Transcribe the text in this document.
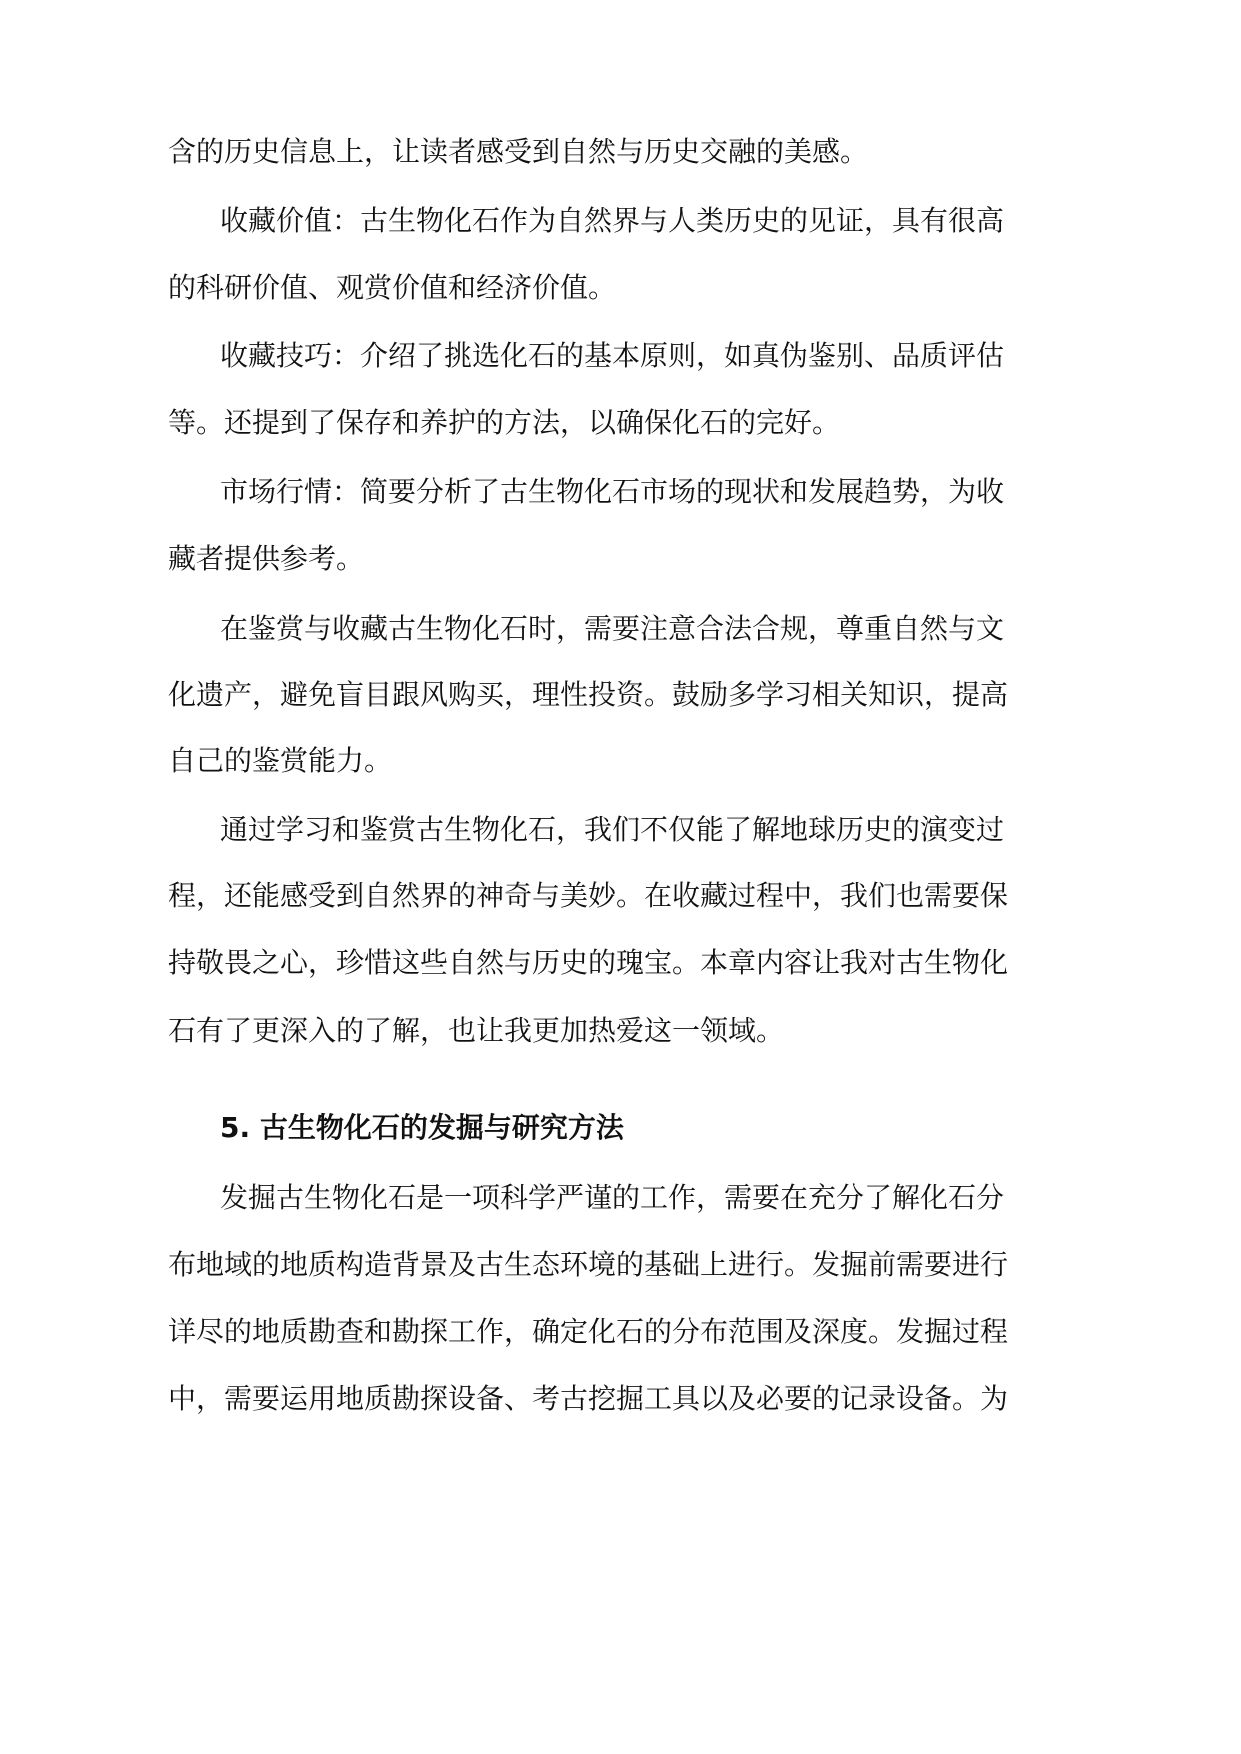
含的历史信息上，让读者感受到自然与历史交融的美感。
收藏价值：古生物化石作为自然界与人类历史的见证，具有很高
的科研价值、观赏价值和经济价值。
收藏技巧：介绍了挑选化石的基本原则，如真伪鉴别、品质评估
等。还提到了保存和养护的方法，以确保化石的完好。
市场行情：简要分析了古生物化石市场的现状和发展趋势，为收
藏者提供参考。
在鉴赏与收藏古生物化石时，需要注意合法合规，尊重自然与文
化遗产，避免盲目跟风购买，理性投资。鼓励多学习相关知识，提高
自己的鉴赏能力。
通过学习和鉴赏古生物化石，我们不仅能了解地球历史的演变过
程，还能感受到自然界的神奇与美妙。在收藏过程中，我们也需要保
持敬畏之心，珍惜这些自然与历史的瑰宝。本章内容让我对古生物化
石有了更深入的了解，也让我更加热爱这一领域。
5. 古生物化石的发掘与研究方法
发掘古生物化石是一项科学严谨的工作，需要在充分了解化石分
布地域的地质构造背景及古生态环境的基础上进行。发掘前需要进行
详尽的地质勘查和勘探工作，确定化石的分布范围及深度。发掘过程
中，需要运用地质勘探设备、考古挖掘工具以及必要的记录设备。为
